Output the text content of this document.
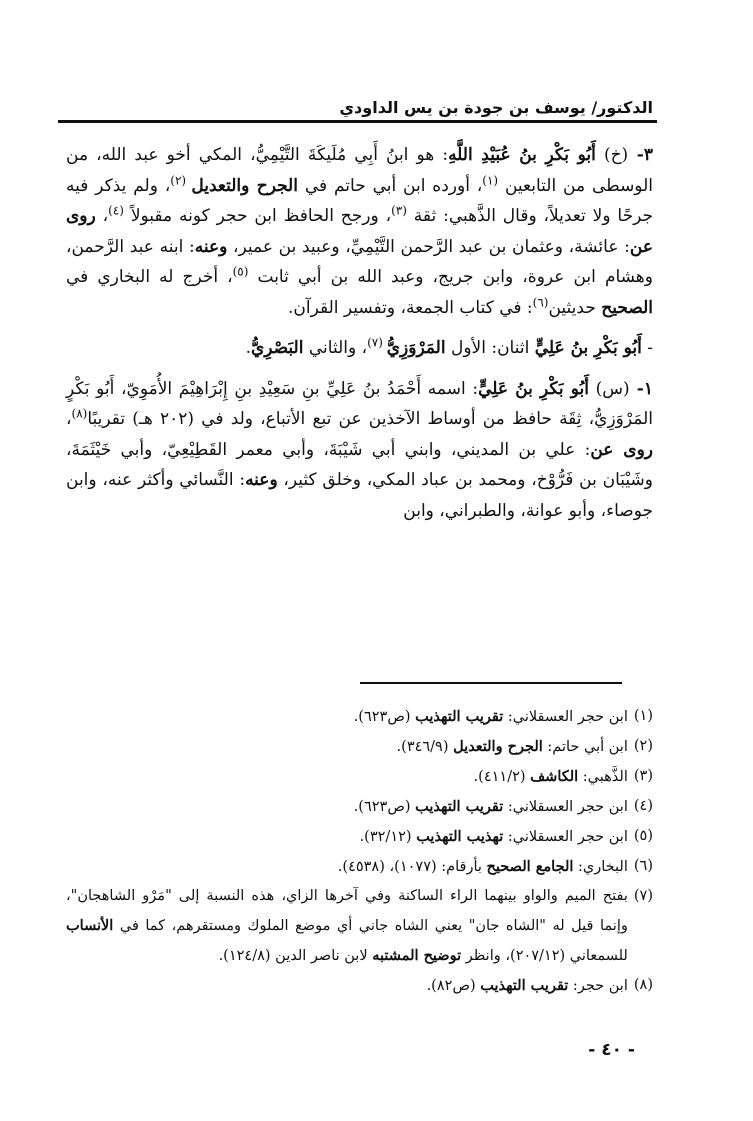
الدكتور/ يوسف بن جودة بن يس الداودي

٣- (خ) أَبُو بَكْرِ بنُ عُبَيْدِ اللَّهِ: هو ابنُ أَبِي مُلَيكَةَ التَّيْمِيُّ، المكي أخو عبد الله، من الوسطى من التابعين $^{(١)}$، أورده ابن أبي حاتم في الجرح والتعديل $^{(٢)}$، ولم يذكر فيه جرحًا ولا تعديلاً، وقال الذَّهبي: ثقة $^{(٣)}$، ورجح الحافظ ابن حجر كونه مقبولاً $^{(٤)}$، روى عن: عائشة، وعثمان بن عبد الرَّحمن التَّيْمِيِّ، وعبيد بن عمير، وعنه: ابنه عبد الرَّحمن، وهشام ابن عروة، وابن جريج، وعبد الله بن أبي ثابت $^{(٥)}$، أخرج له البخاري في الصحيح حديثين$^{(٦)}$: في كتاب الجمعة، وتفسير القرآن.

- أَبُو بَكْرِ بنُ عَلِيٍّ اثنان: الأول المَرْوَزِيُّ $^{(٧)}$، والثاني البَصْرِيُّ.

١- (س) أَبُو بَكْرِ بنُ عَلِيٍّ: اسمه أَحْمَدُ بنُ عَلِيِّ بنِ سَعِيْدِ بنِ إِبْرَاهِيْمَ الأُمَوِيّ، أَبُو بَكْرٍ المَرْوَزِيُّ، ثِقَة حافظ من أوساط الآخذين عن تبع الأتباع، ولد في (٢٠٢ هـ) تقريبًا$^{(٨)}$، روى عن: علي بن المديني، وابني أبي شَيْبَةَ، وأبي معمر القَطِيْعِيّ، وأبي خَيْثَمَةَ، وشَيْبَان بن فَرُّوْخ، ومحمد بن عباد المكي، وخلق كثير، وعنه: النَّسائي وأكثر عنه، وابن جوصاء، وأبو عوانة، والطبراني، وابن

(١)
ابن حجر العسقلاني: تقريب التهذيب (ص٦٢٣).
(٢)
ابن أبي حاتم: الجرح والتعديل (٣٤٦/٩).
(٣)
الذَّهبي: الكاشف (٤١١/٢).
(٤)
ابن حجر العسقلاني: تقريب التهذيب (ص٦٢٣).
(٥)
ابن حجر العسقلاني: تهذيب التهذيب (٣٢/١٢).
(٦)
البخاري: الجامع الصحيح بأرقام: (١٠٧٧)، (٤٥٣٨).
(٧)
بفتح الميم والواو بينهما الراء الساكنة وفي آخرها الزاي، هذه النسبة إلى "مَرْو الشاهجان"، وإنما قيل له "الشاه جان" يعني الشاه جاني أي موضع الملوك ومستقرهم، كما في الأنساب للسمعاني (٢٠٧/١٢)، وانظر توضيح المشتبه لابن ناصر الدين (١٢٤/٨).
(٨)
ابن حجر: تقريب التهذيب (ص٨٢).
- ٤٠ -
